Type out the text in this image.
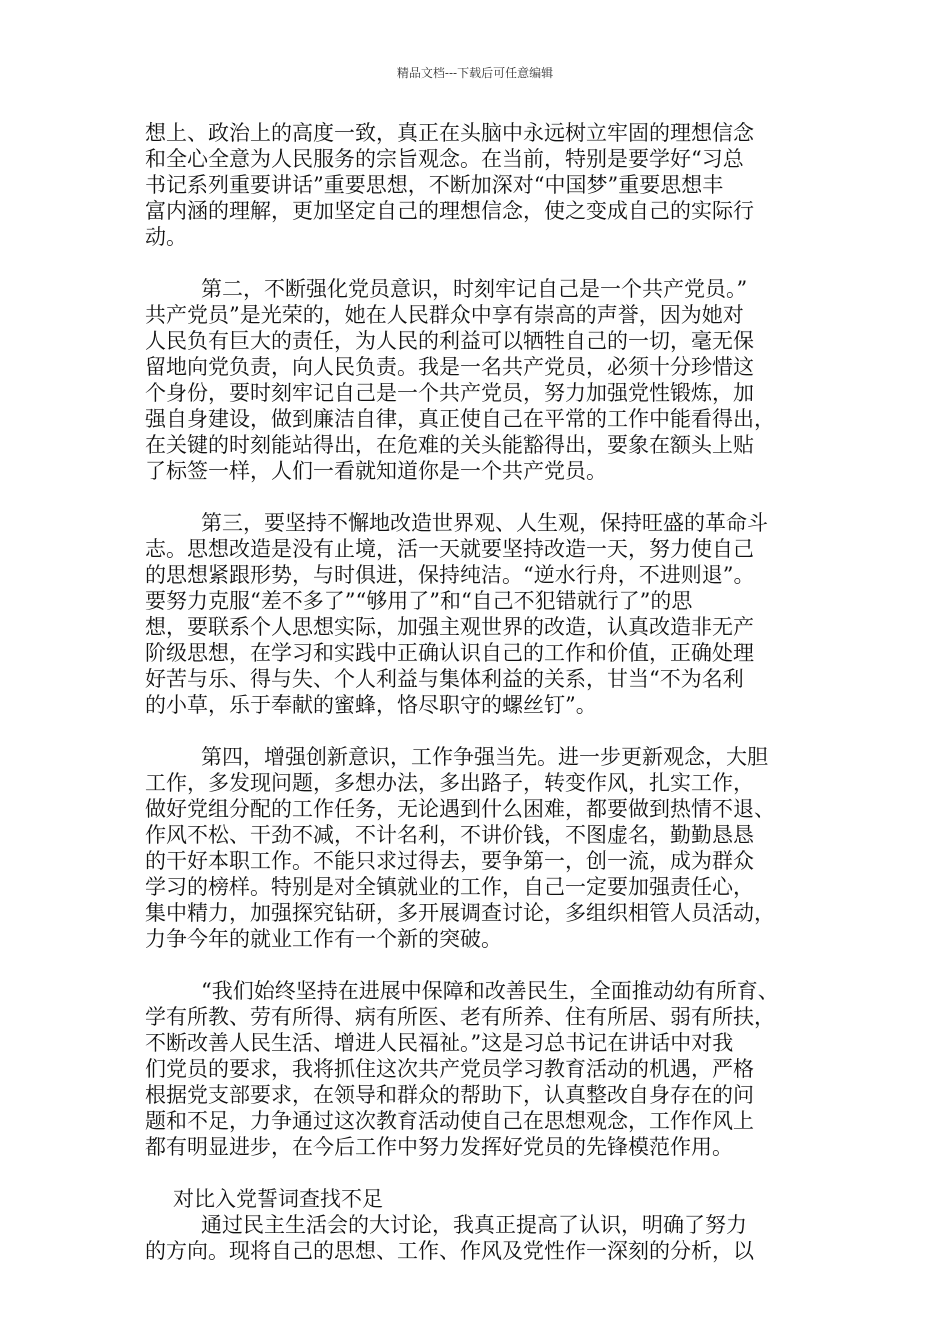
精品文档---下载后可任意编辑
想上、政治上的高度一致，真正在头脑中永远树立牢固的理想信念
和全心全意为人民服务的宗旨观念。在当前，特别是要学好“习总
书记系列重要讲话”重要思想，不断加深对“中国梦”重要思想丰
富内涵的理解，更加坚定自己的理想信念，使之变成自己的实际行
动。
第二，不断强化党员意识，时刻牢记自己是一个共产党员。”
共产党员”是光荣的，她在人民群众中享有崇高的声誉，因为她对
人民负有巨大的责任，为人民的利益可以牺牲自己的一切，毫无保
留地向党负责，向人民负责。我是一名共产党员，必须十分珍惜这
个身份，要时刻牢记自己是一个共产党员，努力加强党性锻炼，加
强自身建设，做到廉洁自律，真正使自己在平常的工作中能看得出，
在关键的时刻能站得出，在危难的关头能豁得出，要象在额头上贴
了标签一样，人们一看就知道你是一个共产党员。
第三，要坚持不懈地改造世界观、人生观，保持旺盛的革命斗
志。思想改造是没有止境，活一天就要坚持改造一天，努力使自己
的思想紧跟形势，与时俱进，保持纯洁。“逆水行舟，不进则退”。
要努力克服“差不多了”“够用了”和“自己不犯错就行了”的思
想，要联系个人思想实际，加强主观世界的改造，认真改造非无产
阶级思想，在学习和实践中正确认识自己的工作和价值，正确处理
好苦与乐、得与失、个人利益与集体利益的关系，甘当“不为名利
的小草，乐于奉献的蜜蜂，恪尽职守的螺丝钉”。
第四，增强创新意识，工作争强当先。进一步更新观念，大胆
工作，多发现问题，多想办法，多出路子，转变作风，扎实工作，
做好党组分配的工作任务，无论遇到什么困难，都要做到热情不退、
作风不松、干劲不减，不计名利，不讲价钱，不图虚名，勤勤恳恳
的干好本职工作。不能只求过得去，要争第一，创一流，成为群众
学习的榜样。特别是对全镇就业的工作，自己一定要加强责任心，
集中精力，加强探究钻研，多开展调查讨论，多组织相管人员活动，
力争今年的就业工作有一个新的突破。
“我们始终坚持在进展中保障和改善民生，全面推动幼有所育、
学有所教、劳有所得、病有所医、老有所养、住有所居、弱有所扶，
不断改善人民生活、增进人民福祉。”这是习总书记在讲话中对我
们党员的要求，我将抓住这次共产党员学习教育活动的机遇，严格
根据党支部要求，在领导和群众的帮助下，认真整改自身存在的问
题和不足，力争通过这次教育活动使自己在思想观念，工作作风上
都有明显进步，在今后工作中努力发挥好党员的先锋模范作用。
对比入党誓词查找不足
通过民主生活会的大讨论，我真正提高了认识，明确了努力
的方向。现将自己的思想、工作、作风及党性作一深刻的分析，以
